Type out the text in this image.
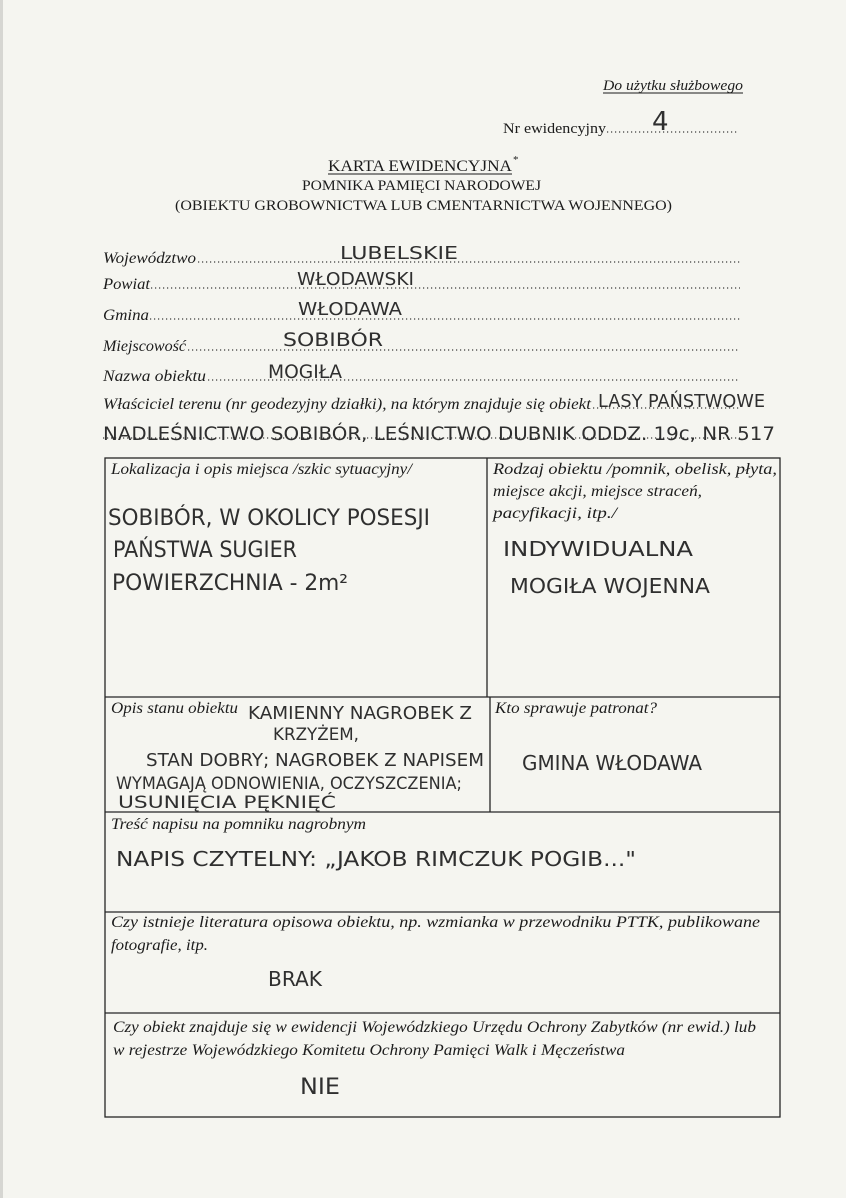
Do użytku służbowego
Nr ewidencyjny 4
KARTA EWIDENCYJNA *
POMNIKA PAMIĘCI NARODOWEJ
(OBIEKTU GROBOWNICTWA LUB CMENTARNICTWA WOJENNEGO)
Województwo	LUBELSKIE
Powiat	WŁODAWSKI
Gmina	WŁODAWA
Miejscowość	SOBIBÓR
Nazwa obiektu	MOGIŁA
Właściciel terenu (nr geodezyjny działki), na którym znajduje się obiekt LASY PAŃSTWOWE
NADLEŚNICTWO SOBIBÓR, LEŚNICTWO DUBNIK ODDZ. 19c, NR 517
Lokalizacja i opis miejsca /szkic sytuacyjny/
SOBIBÓR, W OKOLICY POSESJI
PAŃSTWA SUGIER
POWIERZCHNIA - 2m²
Rodzaj obiektu /pomnik, obelisk, płyta,
miejsce akcji, miejsce straceń,
pacyfikacji, itp./
INDYWIDUALNA
MOGIŁA WOJENNA
Opis stanu obiektu KAMIENNY NAGROBEK Z
KRZYŻEM,
STAN DOBRY; NAGROBEK Z NAPISEM
WYMAGAJĄ ODNOWIENIA, OCZYSZCZENIA;
USUNIĘCIA PĘKNIĘĆ
Kto sprawuje patronat?
GMINA WŁODAWA
Treść napisu na pomniku nagrobnym
NAPIS CZYTELNY: „JAKOB RIMCZUK POGIB..."
Czy istnieje literatura opisowa obiektu, np. wzmianka w przewodniku PTTK, publikowane
fotografie, itp.
BRAK
Czy obiekt znajduje się w ewidencji Wojewódzkiego Urzędu Ochrony Zabytków (nr ewid.) lub
w rejestrze Wojewódzkiego Komitetu Ochrony Pamięci Walk i Męczeństwa
NIE
